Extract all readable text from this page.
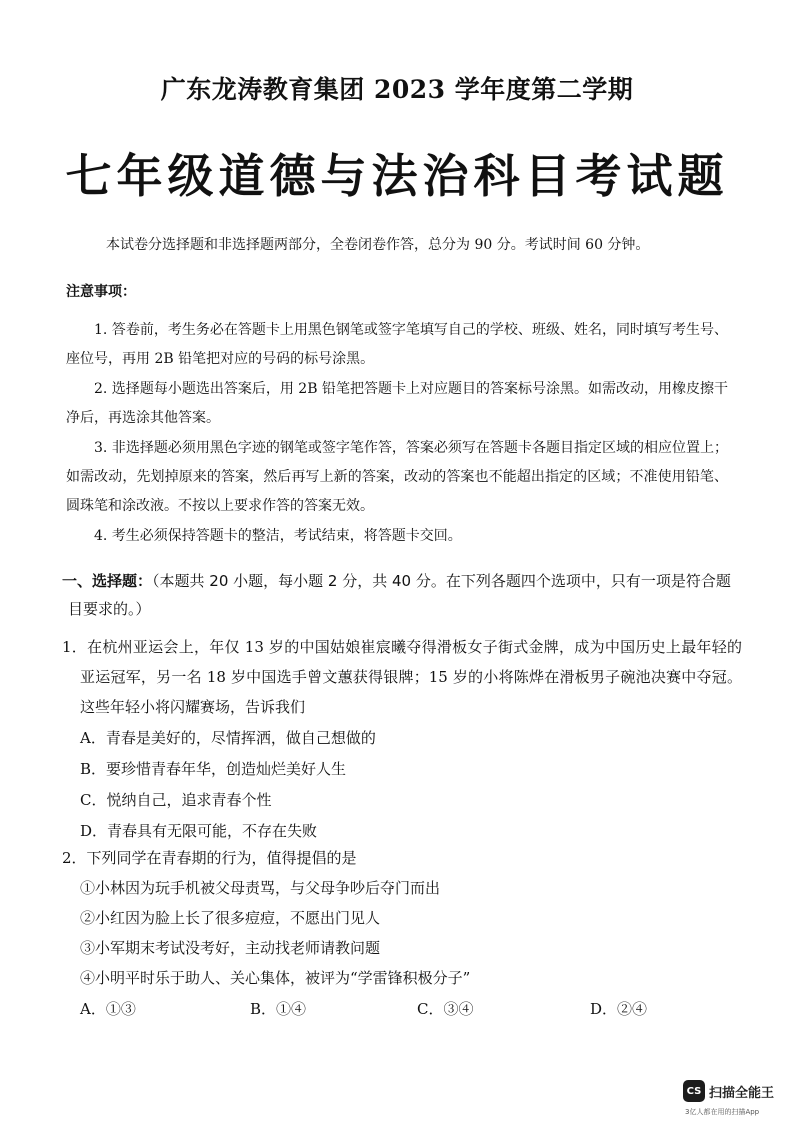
广东龙涛教育集团 2023 学年度第二学期
七年级道德与法治科目考试题
本试卷分选择题和非选择题两部分，全卷闭卷作答，总分为 90 分。考试时间 60 分钟。
注意事项：

1. 答卷前，考生务必在答题卡上用黑色钢笔或签字笔填写自己的学校、班级、姓名，同时填写考生号、座位号，再用 2B 铅笔把对应的号码的标号涂黑。

2. 选择题每小题选出答案后，用 2B 铅笔把答题卡上对应题目的答案标号涂黑。如需改动，用橡皮擦干净后，再选涂其他答案。

3. 非选择题必须用黑色字迹的钢笔或签字笔作答，答案必须写在答题卡各题目指定区域的相应位置上；如需改动，先划掉原来的答案，然后再写上新的答案，改动的答案也不能超出指定的区域；不准使用铅笔、圆珠笔和涂改液。不按以上要求作答的答案无效。

4. 考生必须保持答题卡的整洁，考试结束，将答题卡交回。

一、选择题：（本题共 20 小题，每小题 2 分，共 40 分。在下列各题四个选项中，只有一项是符合题
目要求的。）
1．在杭州亚运会上，年仅 13 岁的中国姑娘崔宸曦夺得滑板女子街式金牌，成为中国历史上最年轻的亚运冠军，另一名 18 岁中国选手曾文蕙获得银牌；15 岁的小将陈烨在滑板男子碗池决赛中夺冠。这些年轻小将闪耀赛场，告诉我们
A．青春是美好的，尽情挥洒，做自己想做的
B．要珍惜青春年华，创造灿烂美好人生
C．悦纳自己，追求青春个性
D．青春具有无限可能，不存在失败
2．下列同学在青春期的行为，值得提倡的是
①小林因为玩手机被父母责骂，与父母争吵后夺门而出
②小红因为脸上长了很多痘痘，不愿出门见人
③小军期末考试没考好，主动找老师请教问题
④小明平时乐于助人、关心集体，被评为“学雷锋积极分子”
A．①③	B．①④	C．③④	D．②④
CS 扫描全能王
3亿人都在用的扫描App
